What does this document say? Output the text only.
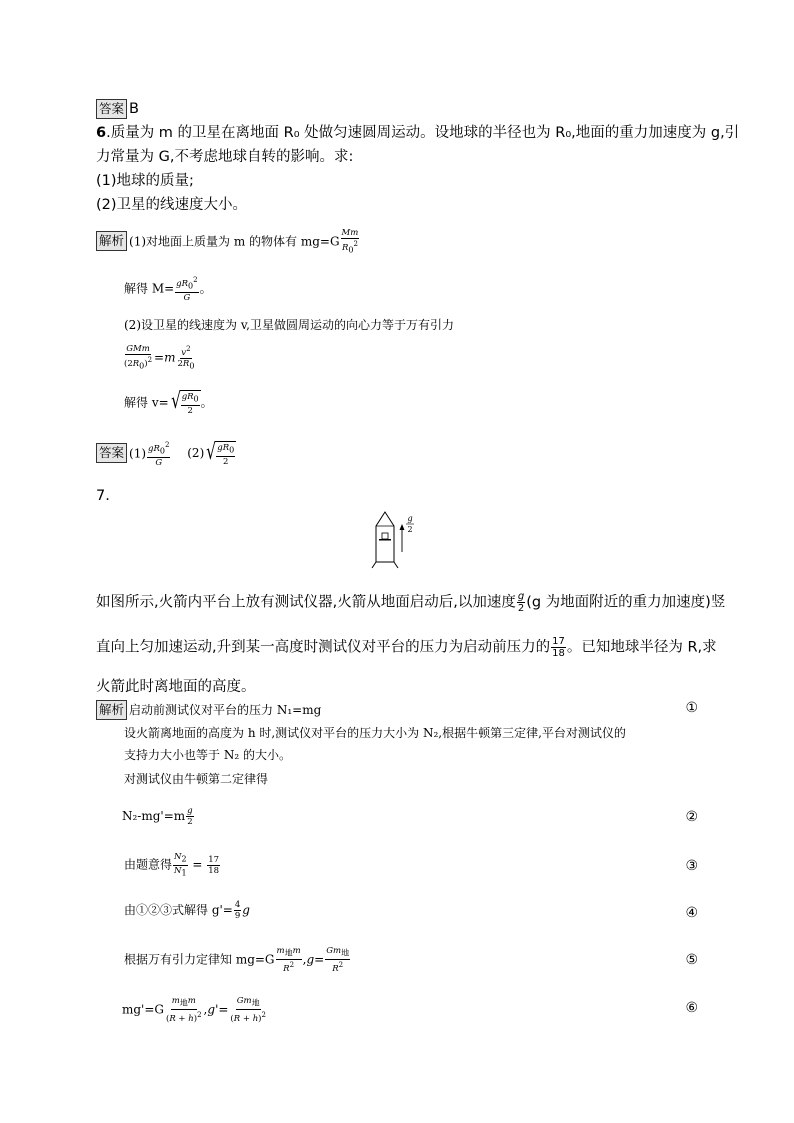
答案 B
6.质量为 m 的卫星在离地面 R₀ 处做匀速圆周运动。设地球的半径也为 R₀,地面的重力加速度为 g,引
力常量为 G,不考虑地球自转的影响。求:
(1)地球的质量;
(2)卫星的线速度大小。
解析 (1)对地面上质量为 m 的物体有 $mg=G \frac{Mm}{R_0^2}$
解得 $M= \frac{gR_0^2}{G}$ 。
(2)设卫星的线速度为 v,卫星做圆周运动的向心力等于万有引力
$\frac{\text{GMm}}{(2R_0)^2} =m \frac{v^2}{2R_0}$
解得 v= √ $\frac{gR_0}{2}$ 。
答案 $(1) \frac{gR_0^2}{G} (2)$ √ $\frac{gR_0}{2}$
7.
g
2
如图所示,火箭内平台上放有测试仪器,火箭从地面启动后,以加速度 $\frac{g}{2} (g$ 为地面附近的重力加速度)竖
直向上匀加速运动,升到某一高度时测试仪对平台的压力为启动前压力的 $\frac{17}{18}$ 。已知地球半径为 R,求
火箭此时离地面的高度。
解析 启动前测试仪对平台的压力 N₁=mg	①
设火箭离地面的高度为 h 时,测试仪对平台的压力大小为 N₂,根据牛顿第三定律,平台对测试仪的
支持力大小也等于 N₂ 的大小。
对测试仪由牛顿第二定律得
$N_2-mg'=m \frac{g}{2}$	②
由题意得 $\frac{N_2}{N_1} = \frac{17}{18}$	③
由①②③式解得 $g'= \frac{4}{9}$ g	④
根据万有引力定律知 $mg=G \frac{m_地m}{R^2} ,g= \frac{Gm_地}{R^2}$	⑤
$mg'=G \frac{m_地m}{(R + h)^2} ,g'= \frac{Gm_地}{(R + h)^2}$	⑥
